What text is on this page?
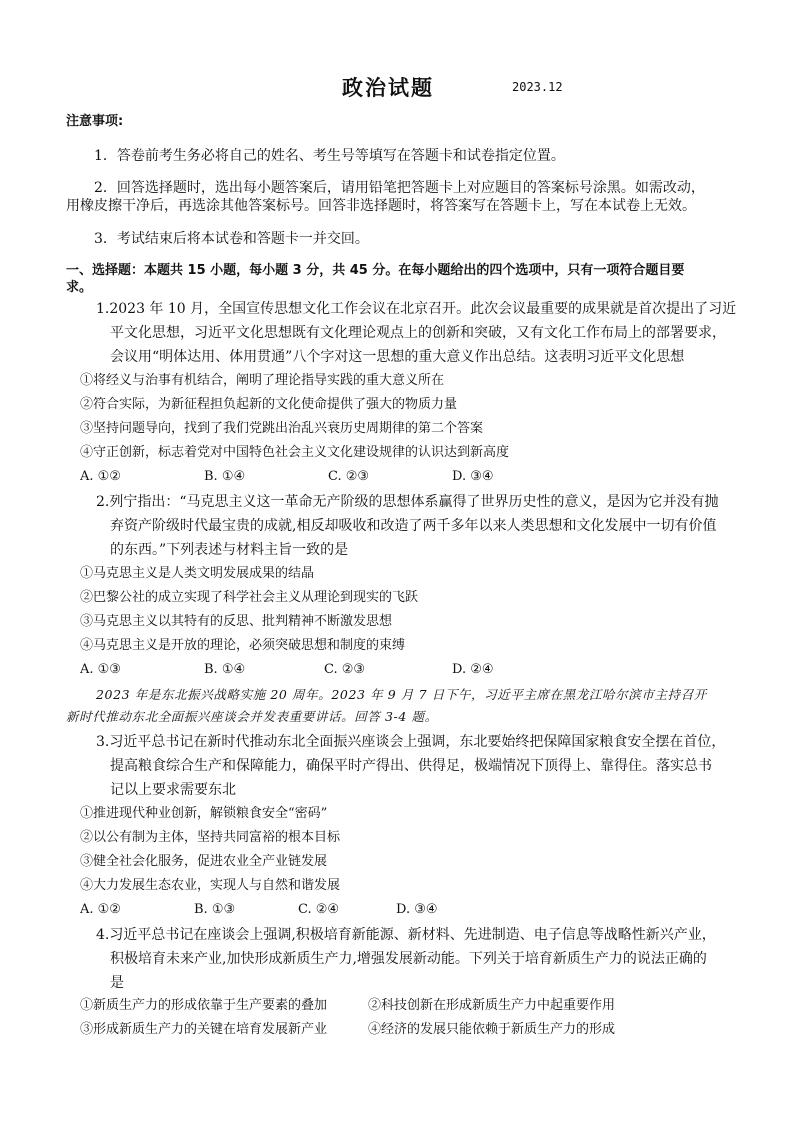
政治试题	2023.12
注意事项:
1．答卷前考生务必将自己的姓名、考生号等填写在答题卡和试卷指定位置。
2．回答选择题时，选出每小题答案后，请用铅笔把答题卡上对应题目的答案标号涂黑。如需改动，
用橡皮擦干净后，再选涂其他答案标号。回答非选择题时，将答案写在答题卡上，写在本试卷上无效。
3．考试结束后将本试卷和答题卡一并交回。
一、选择题：本题共 15 小题，每小题 3 分，共 45 分。在每小题给出的四个选项中，只有一项符合题目要
求。
1.2023 年 10 月，全国宣传思想文化工作会议在北京召开。此次会议最重要的成果就是首次提出了习近
平文化思想，习近平文化思想既有文化理论观点上的创新和突破，又有文化工作布局上的部署要求，
会议用“明体达用、体用贯通”八个字对这一思想的重大意义作出总结。这表明习近平文化思想
①将经义与治事有机结合，阐明了理论指导实践的重大意义所在
②符合实际，为新征程担负起新的文化使命提供了强大的物质力量
③坚持问题导向，找到了我们党跳出治乱兴衰历史周期律的第二个答案
④守正创新，标志着党对中国特色社会主义文化建设规律的认识达到新高度
A. ①②	B. ①④	C. ②③	D. ③④
2.列宁指出：“马克思主义这一革命无产阶级的思想体系赢得了世界历史性的意义，是因为它并没有抛
弃资产阶级时代最宝贵的成就,相反却吸收和改造了两千多年以来人类思想和文化发展中一切有价值
的东西。”下列表述与材料主旨一致的是
①马克思主义是人类文明发展成果的结晶
②巴黎公社的成立实现了科学社会主义从理论到现实的飞跃
③马克思主义以其特有的反思、批判精神不断激发思想
④马克思主义是开放的理论，必须突破思想和制度的束缚
A. ①③	B. ①④	C. ②③	D. ②④
2023 年是东北振兴战略实施 20 周年。2023 年 9 月 7 日下午，习近平主席在黑龙江哈尔滨市主持召开
新时代推动东北全面振兴座谈会并发表重要讲话。回答 3-4 题。
3.习近平总书记在新时代推动东北全面振兴座谈会上强调，东北要始终把保障国家粮食安全摆在首位，
提高粮食综合生产和保障能力，确保平时产得出、供得足，极端情况下顶得上、靠得住。落实总书
记以上要求需要东北
①推进现代种业创新，解锁粮食安全“密码”
②以公有制为主体，坚持共同富裕的根本目标
③健全社会化服务，促进农业全产业链发展
④大力发展生态农业，实现人与自然和谐发展
A. ①②	B. ①③	C. ②④	D. ③④
4.习近平总书记在座谈会上强调,积极培育新能源、新材料、先进制造、电子信息等战略性新兴产业，
积极培育未来产业,加快形成新质生产力,增强发展新动能。下列关于培育新质生产力的说法正确的
是
①新质生产力的形成依靠于生产要素的叠加	②科技创新在形成新质生产力中起重要作用
③形成新质生产力的关键在培育发展新产业	④经济的发展只能依赖于新质生产力的形成
